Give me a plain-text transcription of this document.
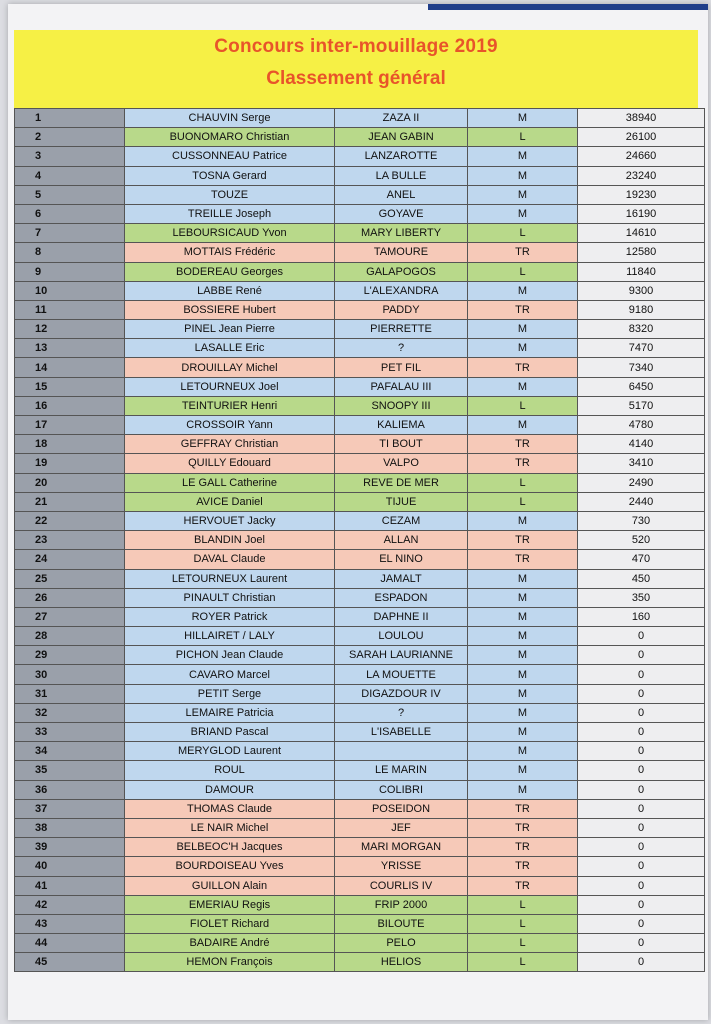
Concours inter-mouillage 2019
Classement général
1	CHAUVIN Serge	ZAZA II	M	38940
2	BUONOMARO Christian	JEAN GABIN	L	26100
3	CUSSONNEAU Patrice	LANZAROTTE	M	24660
4	TOSNA Gerard	LA BULLE	M	23240
5	TOUZE	ANEL	M	19230
6	TREILLE Joseph	GOYAVE	M	16190
7	LEBOURSICAUD Yvon	MARY LIBERTY	L	14610
8	MOTTAIS Frédéric	TAMOURE	TR	12580
9	BODEREAU Georges	GALAPOGOS	L	11840
10	LABBE René	L'ALEXANDRA	M	9300
11	BOSSIERE Hubert	PADDY	TR	9180
12	PINEL Jean Pierre	PIERRETTE	M	8320
13	LASALLE Eric	?	M	7470
14	DROUILLAY Michel	PET FIL	TR	7340
15	LETOURNEUX Joel	PAFALAU III	M	6450
16	TEINTURIER Henri	SNOOPY III	L	5170
17	CROSSOIR Yann	KALIEMA	M	4780
18	GEFFRAY Christian	TI BOUT	TR	4140
19	QUILLY Edouard	VALPO	TR	3410
20	LE GALL Catherine	REVE DE MER	L	2490
21	AVICE Daniel	TIJUE	L	2440
22	HERVOUET Jacky	CEZAM	M	730
23	BLANDIN Joel	ALLAN	TR	520
24	DAVAL Claude	EL NINO	TR	470
25	LETOURNEUX Laurent	JAMALT	M	450
26	PINAULT Christian	ESPADON	M	350
27	ROYER Patrick	DAPHNE II	M	160
28	HILLAIRET / LALY	LOULOU	M	0
29	PICHON Jean Claude	SARAH LAURIANNE	M	0
30	CAVARO Marcel	LA MOUETTE	M	0
31	PETIT Serge	DIGAZDOUR IV	M	0
32	LEMAIRE Patricia	?	M	0
33	BRIAND Pascal	L'ISABELLE	M	0
34	MERYGLOD Laurent		M	0
35	ROUL	LE MARIN	M	0
36	DAMOUR	COLIBRI	M	0
37	THOMAS Claude	POSEIDON	TR	0
38	LE NAIR Michel	JEF	TR	0
39	BELBEOC'H Jacques	MARI MORGAN	TR	0
40	BOURDOISEAU Yves	YRISSE	TR	0
41	GUILLON Alain	COURLIS IV	TR	0
42	EMERIAU Regis	FRIP 2000	L	0
43	FIOLET Richard	BILOUTE	L	0
44	BADAIRE André	PELO	L	0
45	HEMON François	HELIOS	L	0
